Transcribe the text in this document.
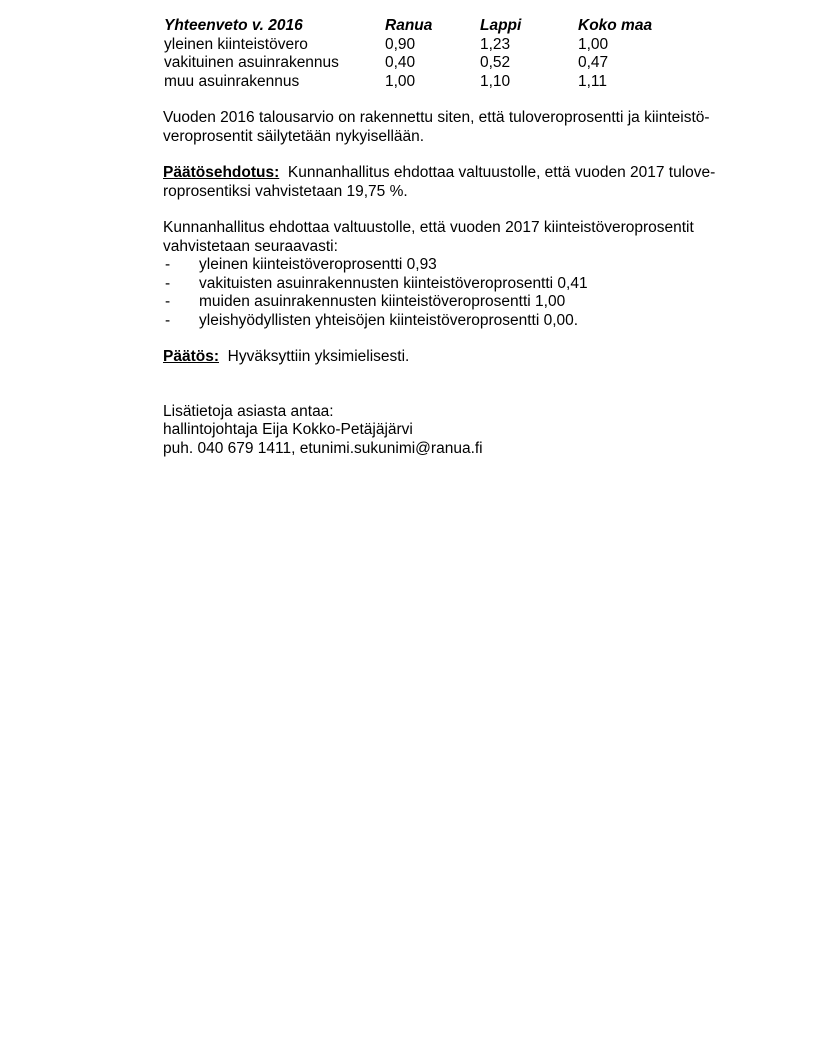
Yhteenveto v. 2016	Ranua	Lappi	Koko maa
yleinen kiinteistövero	0,90	1,23	1,00
vakituinen asuinrakennus	0,40	0,52	0,47
muu asuinrakennus	1,00	1,10	1,11

Vuoden 2016 talousarvio on rakennettu siten, että tuloveroprosentti ja kiinteistö-veroprosentit säilytetään nykyisellään.

Päätösehdotus: Kunnanhallitus ehdottaa valtuustolle, että vuoden 2017 tulove-roprosentiksi vahvistetaan 19,75 %.

Kunnanhallitus ehdottaa valtuustolle, että vuoden 2017 kiinteistöveroprosentit vahvistetaan seuraavasti:

- yleinen kiinteistöveroprosentti 0,93
- vakituisten asuinrakennusten kiinteistöveroprosentti 0,41
- muiden asuinrakennusten kiinteistöveroprosentti 1,00
- yleishyödyllisten yhteisöjen kiinteistöveroprosentti 0,00.

Päätös: Hyväksyttiin yksimielisesti.

Lisätietoja asiasta antaa:

hallintojohtaja Eija Kokko-Petäjäjärvi

puh. 040 679 1411, etunimi.sukunimi@ranua.fi
